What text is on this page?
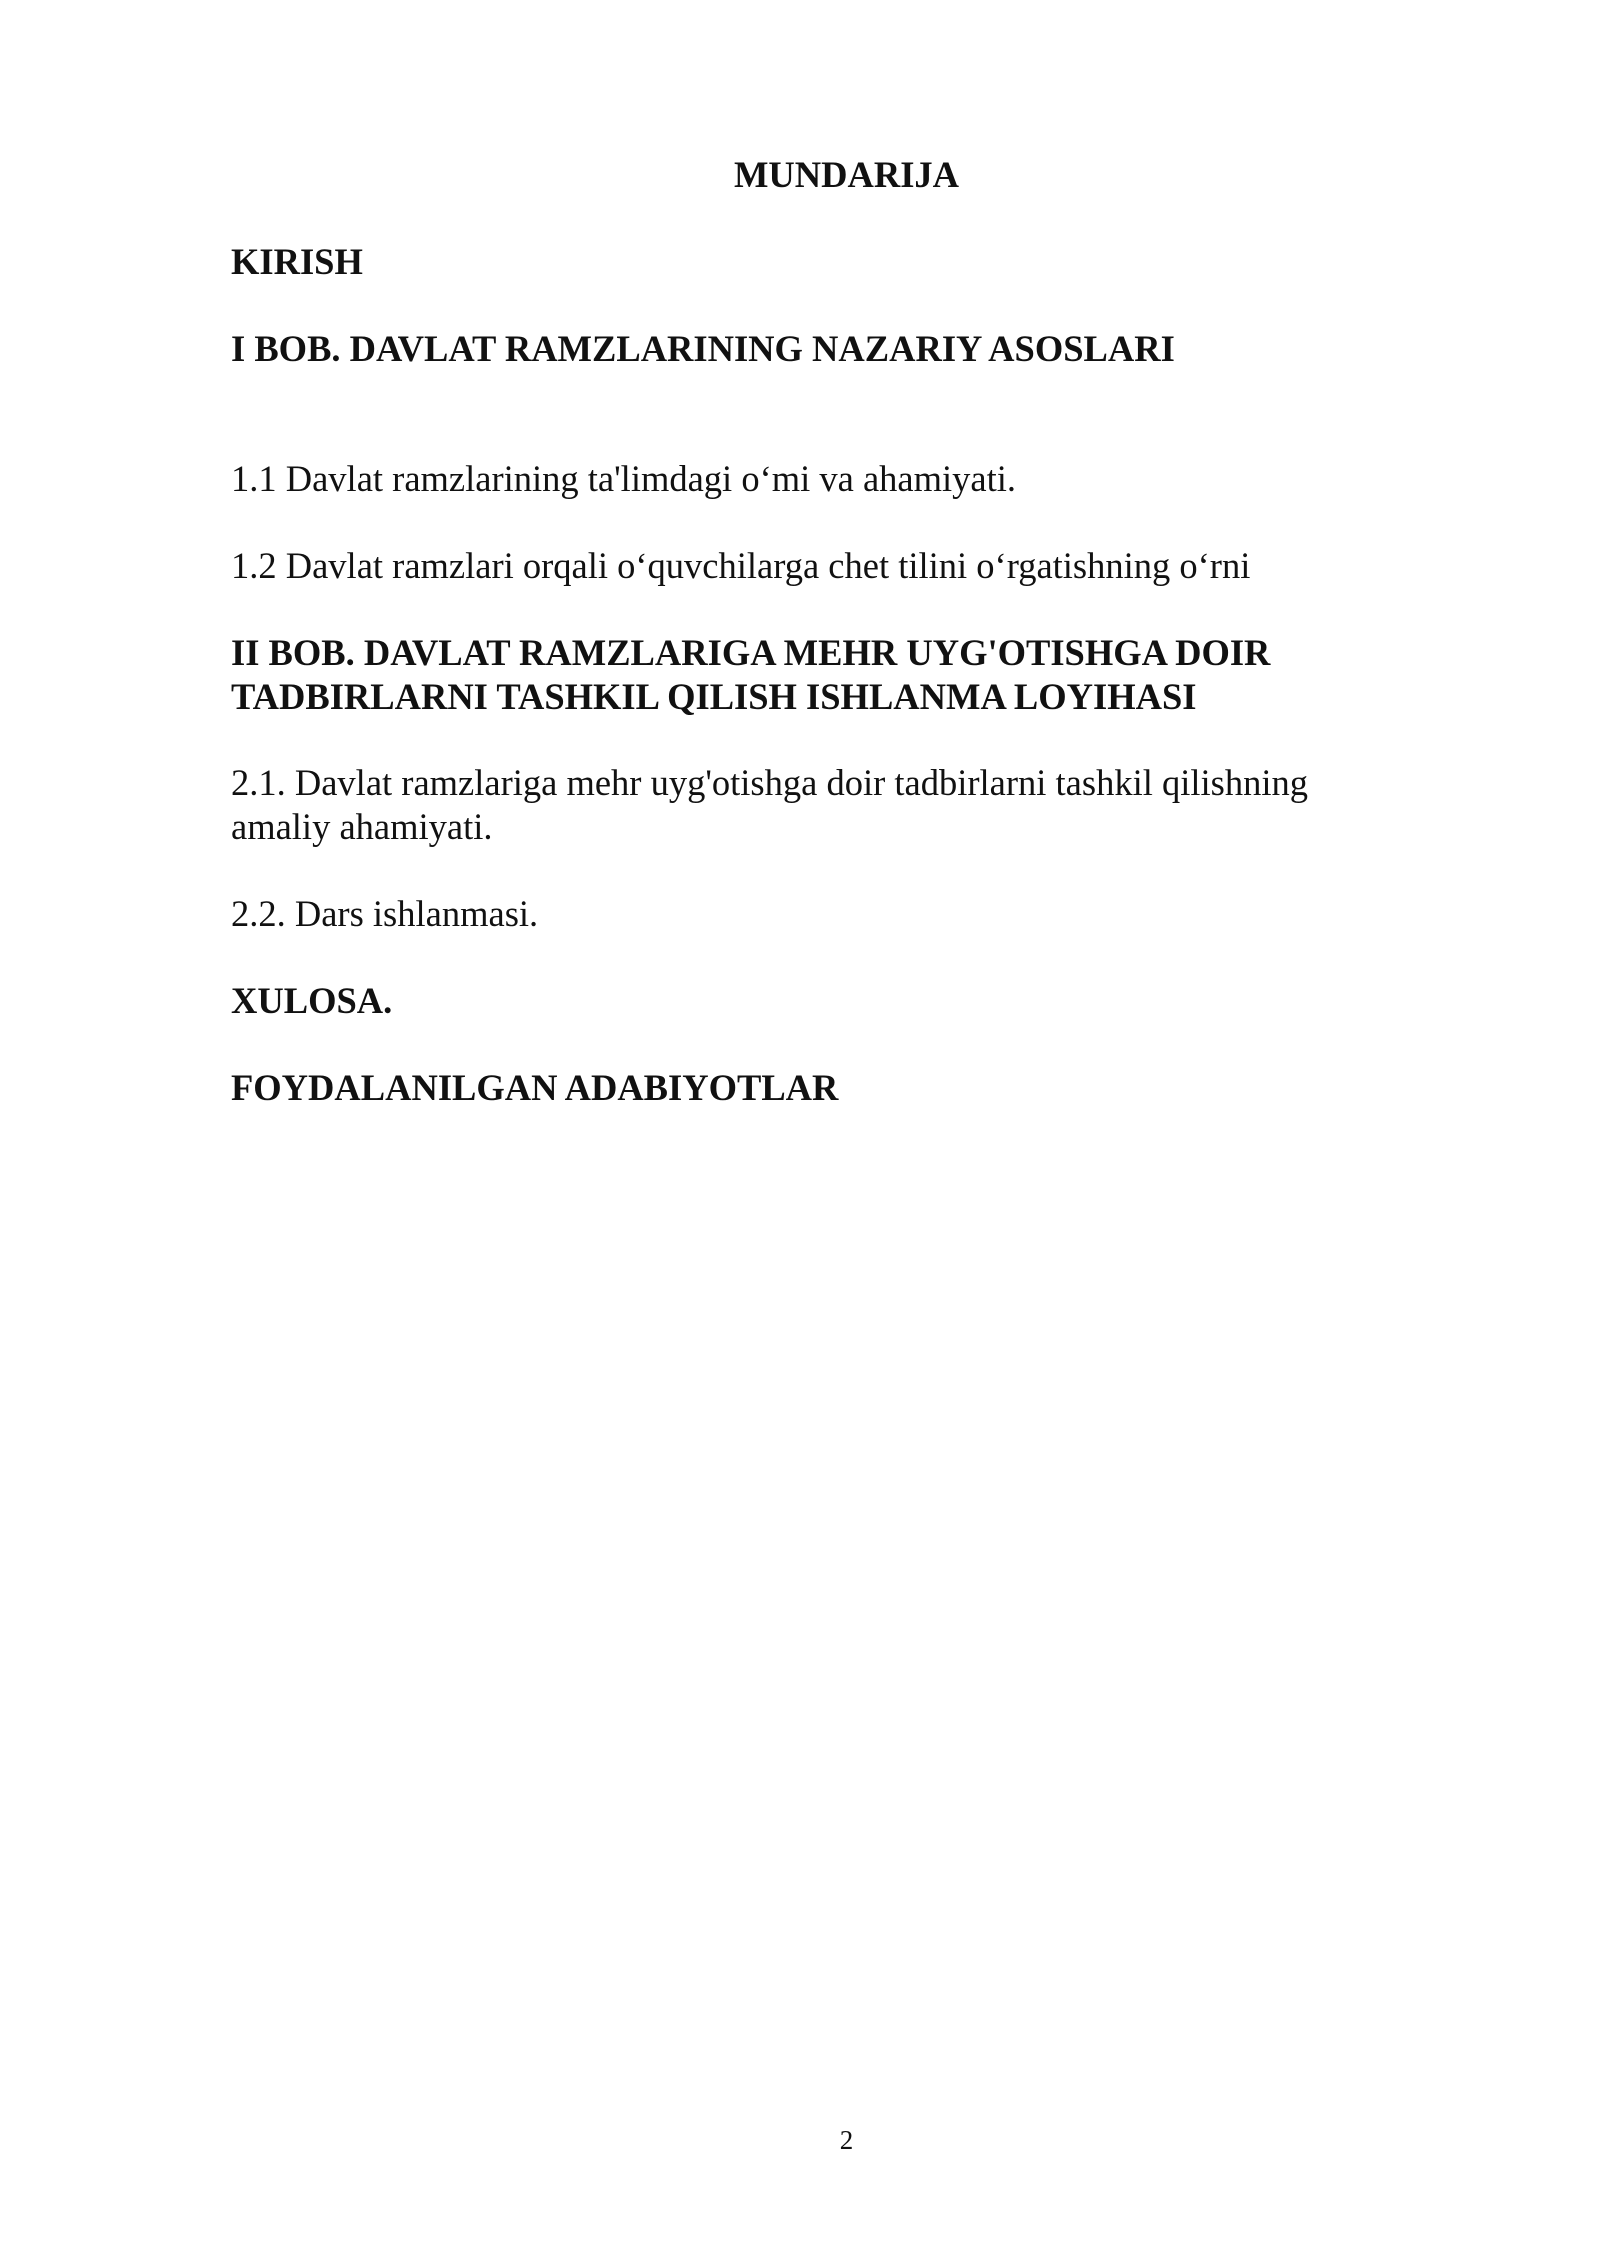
MUNDARIJA

KIRISH

I BOB. DAVLAT RAMZLARINING NAZARIY ASOSLARI

1.1 Davlat ramzlarining ta'limdagi o‘mi va ahamiyati.

1.2 Davlat ramzlari orqali o‘quvchilarga chet tilini o‘rgatishning o‘rni

II BOB. DAVLAT RAMZLARIGA MEHR UYG'OTISHGA DOIR TADBIRLARNI TASHKIL QILISH ISHLANMA LOYIHASI

2.1. Davlat ramzlariga mehr uyg'otishga doir tadbirlarni tashkil qilishning amaliy ahamiyati.

2.2. Dars ishlanmasi.

XULOSA.

FOYDALANILGAN ADABIYOTLAR

2
